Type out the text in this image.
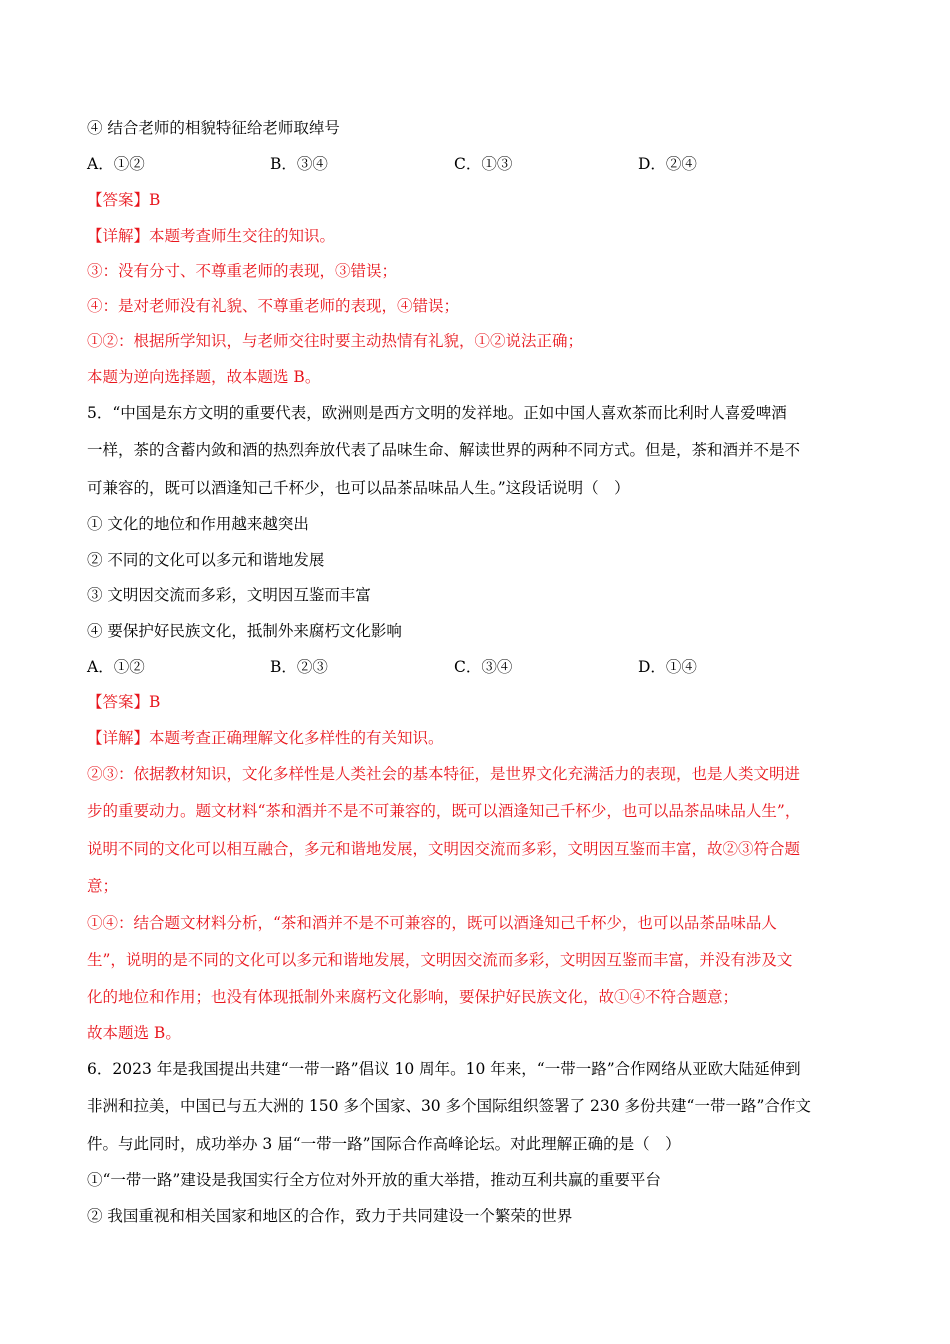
④ 结合老师的相貌特征给老师取绰号
A．①②	B．③④	C．①③	D．②④
【答案】B
【详解】本题考查师生交往的知识。
③：没有分寸、不尊重老师的表现，③错误；
④：是对老师没有礼貌、不尊重老师的表现，④错误；
①②：根据所学知识，与老师交往时要主动热情有礼貌，①②说法正确；
本题为逆向选择题，故本题选 B。
5．“中国是东方文明的重要代表，欧洲则是西方文明的发祥地。正如中国人喜欢茶而比利时人喜爱啤酒
一样，茶的含蓄内敛和酒的热烈奔放代表了品味生命、解读世界的两种不同方式。但是，茶和酒并不是不
可兼容的，既可以酒逢知己千杯少，也可以品茶品味品人生。”这段话说明（　）
① 文化的地位和作用越来越突出
② 不同的文化可以多元和谐地发展
③ 文明因交流而多彩，文明因互鉴而丰富
④ 要保护好民族文化，抵制外来腐朽文化影响
A．①②	B．②③	C．③④	D．①④
【答案】B
【详解】本题考查正确理解文化多样性的有关知识。
②③：依据教材知识，文化多样性是人类社会的基本特征，是世界文化充满活力的表现，也是人类文明进
步的重要动力。题文材料“茶和酒并不是不可兼容的，既可以酒逢知己千杯少，也可以品茶品味品人生”，
说明不同的文化可以相互融合，多元和谐地发展，文明因交流而多彩，文明因互鉴而丰富，故②③符合题
意；
①④：结合题文材料分析，“茶和酒并不是不可兼容的，既可以酒逢知己千杯少，也可以品茶品味品人
生”，说明的是不同的文化可以多元和谐地发展，文明因交流而多彩，文明因互鉴而丰富，并没有涉及文
化的地位和作用；也没有体现抵制外来腐朽文化影响，要保护好民族文化，故①④不符合题意；
故本题选 B。
6．2023 年是我国提出共建“一带一路”倡议 10 周年。10 年来，“一带一路”合作网络从亚欧大陆延伸到
非洲和拉美，中国已与五大洲的 150 多个国家、30 多个国际组织签署了 230 多份共建“一带一路”合作文
件。与此同时，成功举办 3 届“一带一路”国际合作高峰论坛。对此理解正确的是（　）
①“一带一路”建设是我国实行全方位对外开放的重大举措，推动互利共赢的重要平台
② 我国重视和相关国家和地区的合作，致力于共同建设一个繁荣的世界
